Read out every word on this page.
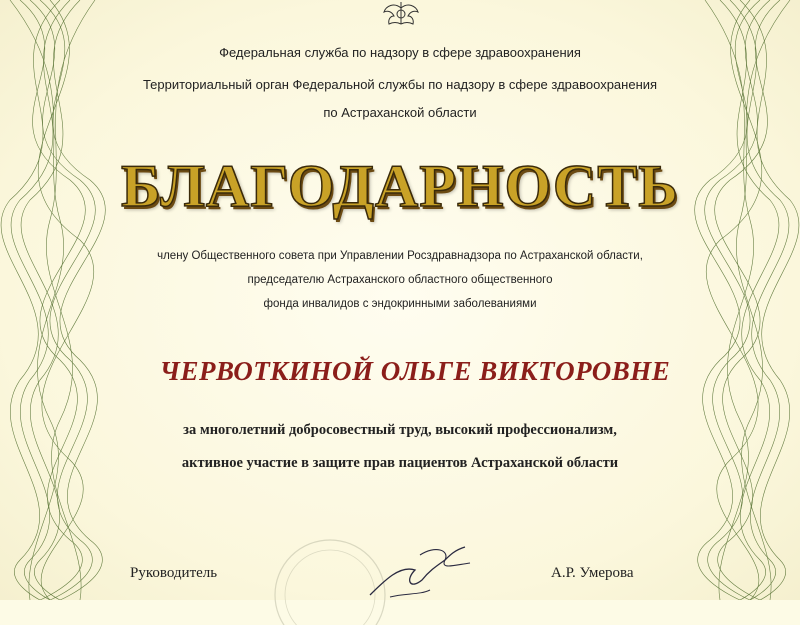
Федеральная служба по надзору в сфере здравоохранения
Территориальный орган Федеральной службы по надзору в сфере здравоохранения
по Астраханской области
БЛАГОДАРНОСТЬ
члену Общественного совета при Управлении Росздравнадзора по Астраханской области,
председателю Астраханского областного общественного
фонда инвалидов с эндокринными заболеваниями
ЧЕРВОТКИНОЙ ОЛЬГЕ ВИКТОРОВНЕ
за многолетний добросовестный труд, высокий профессионализм,
активное участие в защите прав пациентов Астраханской области
Руководитель	А.Р. Умерова
